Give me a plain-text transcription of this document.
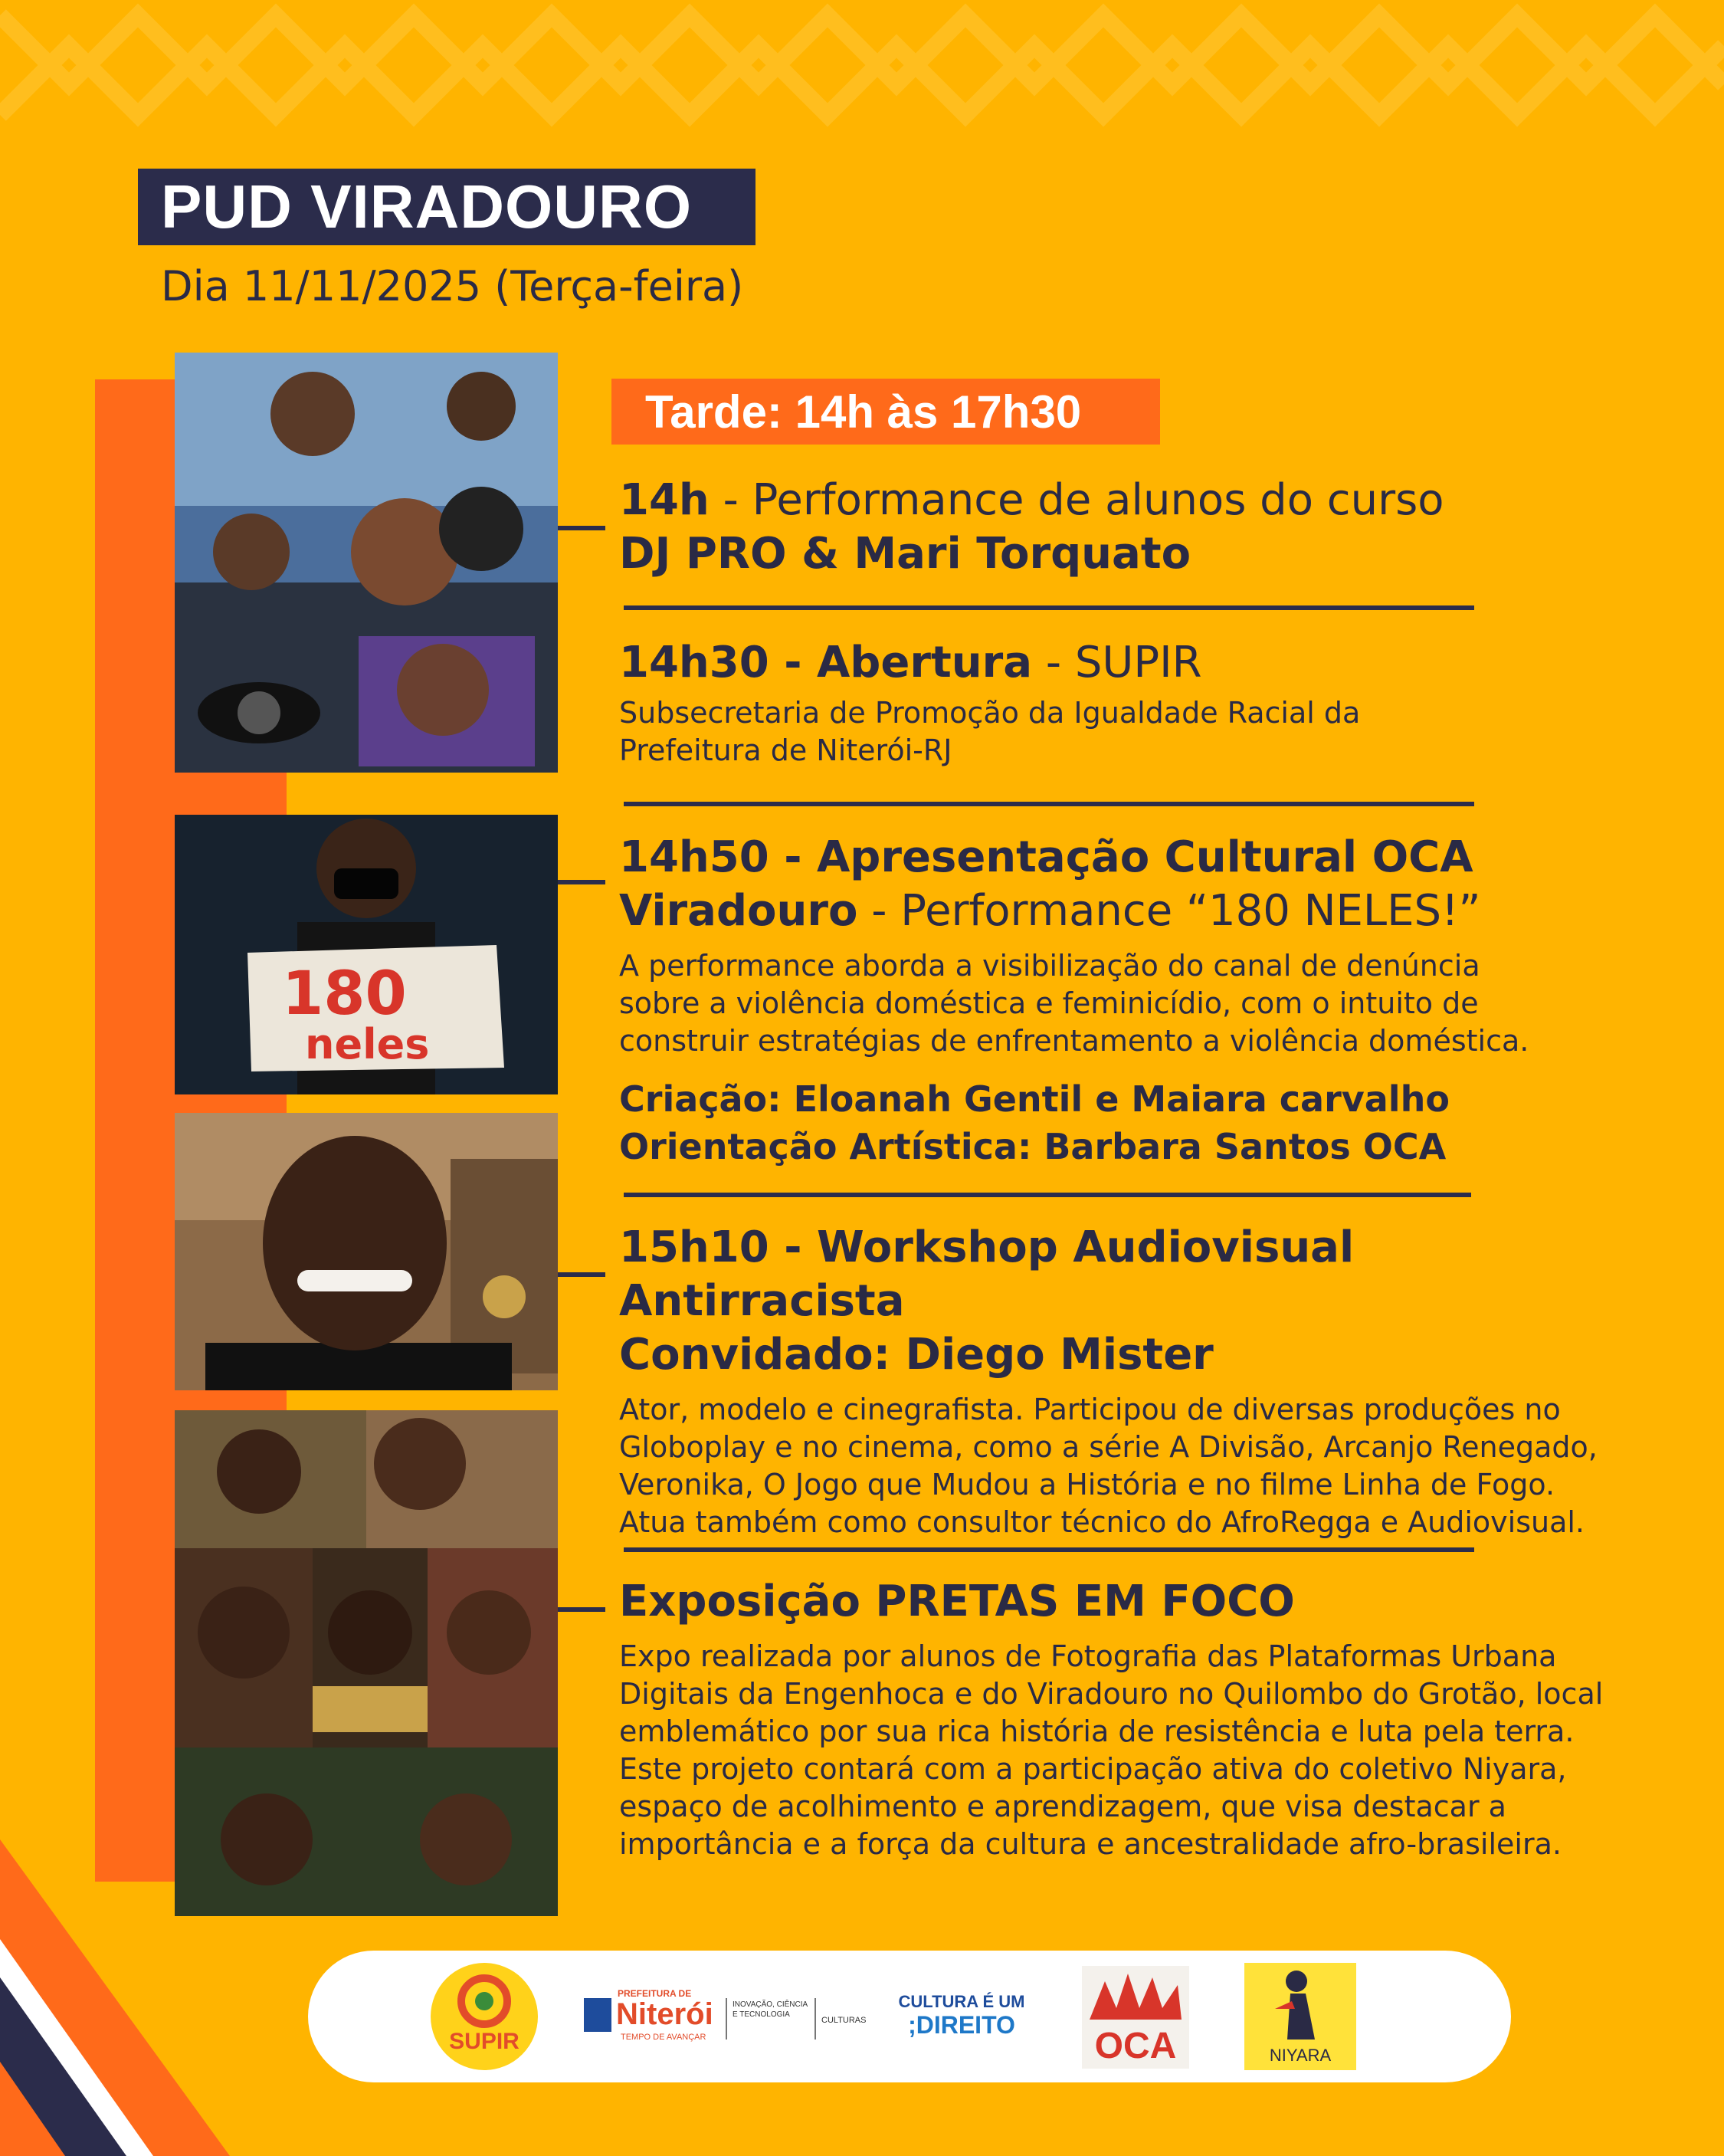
PUD VIRADOURO
Dia 11/11/2025 (Terça-feira)
180
neles
Tarde: 14h às 17h30
14h - Performance de alunos do curso
DJ PRO & Mari Torquato
14h30 - Abertura - SUPIR
Subsecretaria de Promoção da Igualdade Racial da Prefeitura de Niterói-RJ
14h50 - Apresentação Cultural OCA
Viradouro - Performance “180 NELES!”
A performance aborda a visibilização do canal de denúncia sobre a violência doméstica e feminicídio, com o intuito de construir estratégias de enfrentamento a violência doméstica.
Criação: Eloanah Gentil e Maiara carvalho
Orientação Artística: Barbara Santos OCA
15h10 - Workshop Audiovisual Antirracista
Convidado: Diego Mister
Ator, modelo e cinegrafista. Participou de diversas produções no Globoplay e no cinema, como a série A Divisão, Arcanjo Renegado, Veronika, O Jogo que Mudou a História e no filme Linha de Fogo. Atua também como consultor técnico do AfroRegga e Audiovisual.
Exposição PRETAS EM FOCO
Expo realizada por alunos de Fotografia das Plataformas Urbana Digitais da Engenhoca e do Viradouro no Quilombo do Grotão, local emblemático por sua rica história de resistência e luta pela terra. Este projeto contará com a participação ativa do coletivo Niyara, espaço de acolhimento e aprendizagem, que visa destacar a importância e a força da cultura e ancestralidade afro-brasileira.
SUPIR
PREFEITURA DE
Niterói
TEMPO DE AVANÇAR
INOVAÇÃO, CIÊNCIA E TECNOLOGIA
CULTURAS
CULTURA É UM
;DIREITO
OCA	NIYARA
